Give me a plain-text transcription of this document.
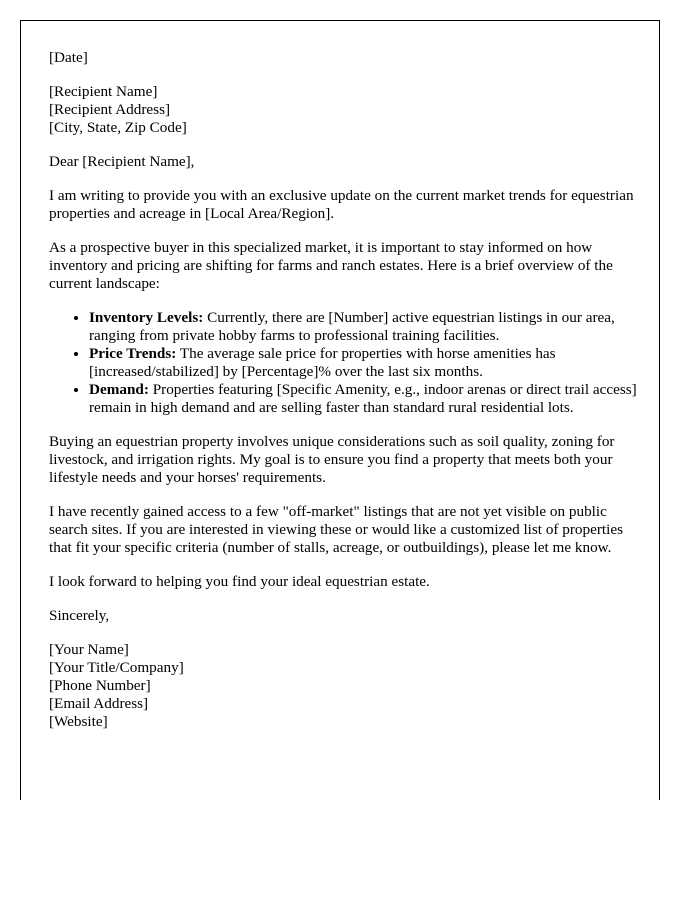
[Date]

[Recipient Name]
[Recipient Address]
[City, State, Zip Code]

Dear [Recipient Name],

I am writing to provide you with an exclusive update on the current market trends for equestrian properties and acreage in [Local Area/Region].

As a prospective buyer in this specialized market, it is important to stay informed on how inventory and pricing are shifting for farms and ranch estates. Here is a brief overview of the current landscape:

• Inventory Levels: Currently, there are [Number] active equestrian listings in our area, ranging from private hobby farms to professional training facilities.
• Price Trends: The average sale price for properties with horse amenities has [increased/stabilized] by [Percentage]% over the last six months.
• Demand: Properties featuring [Specific Amenity, e.g., indoor arenas or direct trail access] remain in high demand and are selling faster than standard rural residential lots.

Buying an equestrian property involves unique considerations such as soil quality, zoning for livestock, and irrigation rights. My goal is to ensure you find a property that meets both your lifestyle needs and your horses' requirements.

I have recently gained access to a few "off-market" listings that are not yet visible on public search sites. If you are interested in viewing these or would like a customized list of properties that fit your specific criteria (number of stalls, acreage, or outbuildings), please let me know.

I look forward to helping you find your ideal equestrian estate.

Sincerely,

[Your Name]
[Your Title/Company]
[Phone Number]
[Email Address]
[Website]
